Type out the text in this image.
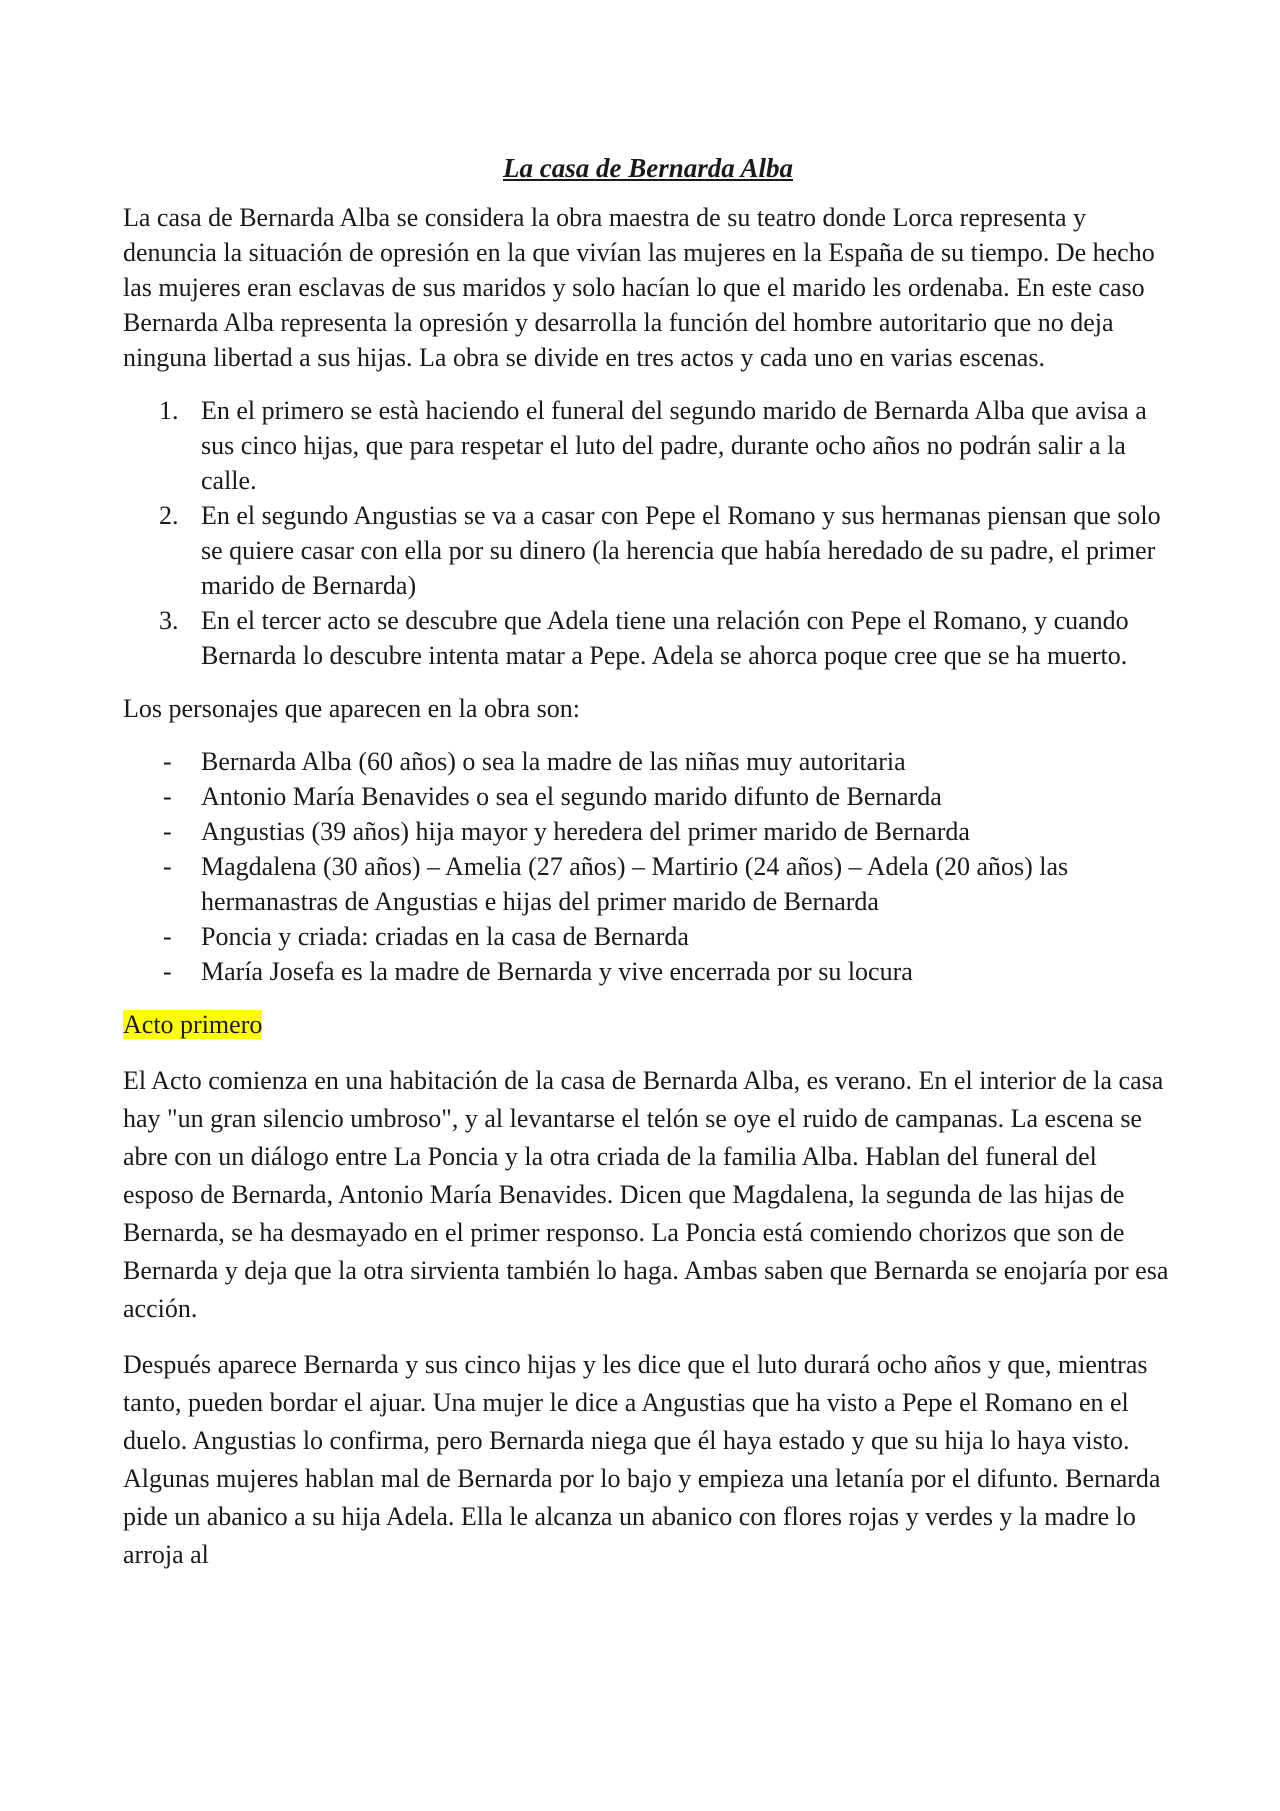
La casa de Bernarda Alba

La casa de Bernarda Alba se considera la obra maestra de su teatro donde Lorca representa y denuncia la situación de opresión en la que vivían las mujeres en la España de su tiempo. De hecho las mujeres eran esclavas de sus maridos y solo hacían lo que el marido les ordenaba. En este caso Bernarda Alba representa la opresión y desarrolla la función del hombre autoritario que no deja ninguna libertad a sus hijas. La obra se divide en tres actos y cada uno en varias escenas.

1. En el primero se està haciendo el funeral del segundo marido de Bernarda Alba que avisa a sus cinco hijas, que para respetar el luto del padre, durante ocho años no podrán salir a la calle.
2. En el segundo Angustias se va a casar con Pepe el Romano y sus hermanas piensan que solo se quiere casar con ella por su dinero (la herencia que había heredado de su padre, el primer marido de Bernarda)
3. En el tercer acto se descubre que Adela tiene una relación con Pepe el Romano, y cuando Bernarda lo descubre intenta matar a Pepe. Adela se ahorca poque cree que se ha muerto.

Los personajes que aparecen en la obra son:

- Bernarda Alba (60 años) o sea la madre de las niñas muy autoritaria
- Antonio María Benavides o sea el segundo marido difunto de Bernarda
- Angustias (39 años) hija mayor y heredera del primer marido de Bernarda
- Magdalena (30 años) – Amelia (27 años) – Martirio (24 años) – Adela (20 años) las hermanastras de Angustias e hijas del primer marido de Bernarda
- Poncia y criada: criadas en la casa de Bernarda
- María Josefa es la madre de Bernarda y vive encerrada por su locura
Acto primero

El Acto comienza en una habitación de la casa de Bernarda Alba, es verano. En el interior de la casa hay "un gran silencio umbroso", y al levantarse el telón se oye el ruido de campanas. La escena se abre con un diálogo entre La Poncia y la otra criada de la familia Alba. Hablan del funeral del esposo de Bernarda, Antonio María Benavides. Dicen que Magdalena, la segunda de las hijas de Bernarda, se ha desmayado en el primer responso. La Poncia está comiendo chorizos que son de Bernarda y deja que la otra sirvienta también lo haga. Ambas saben que Bernarda se enojaría por esa acción.

Después aparece Bernarda y sus cinco hijas y les dice que el luto durará ocho años y que, mientras tanto, pueden bordar el ajuar. Una mujer le dice a Angustias que ha visto a Pepe el Romano en el duelo. Angustias lo confirma, pero Bernarda niega que él haya estado y que su hija lo haya visto. Algunas mujeres hablan mal de Bernarda por lo bajo y empieza una letanía por el difunto. Bernarda pide un abanico a su hija Adela. Ella le alcanza un abanico con flores rojas y verdes y la madre lo arroja al
